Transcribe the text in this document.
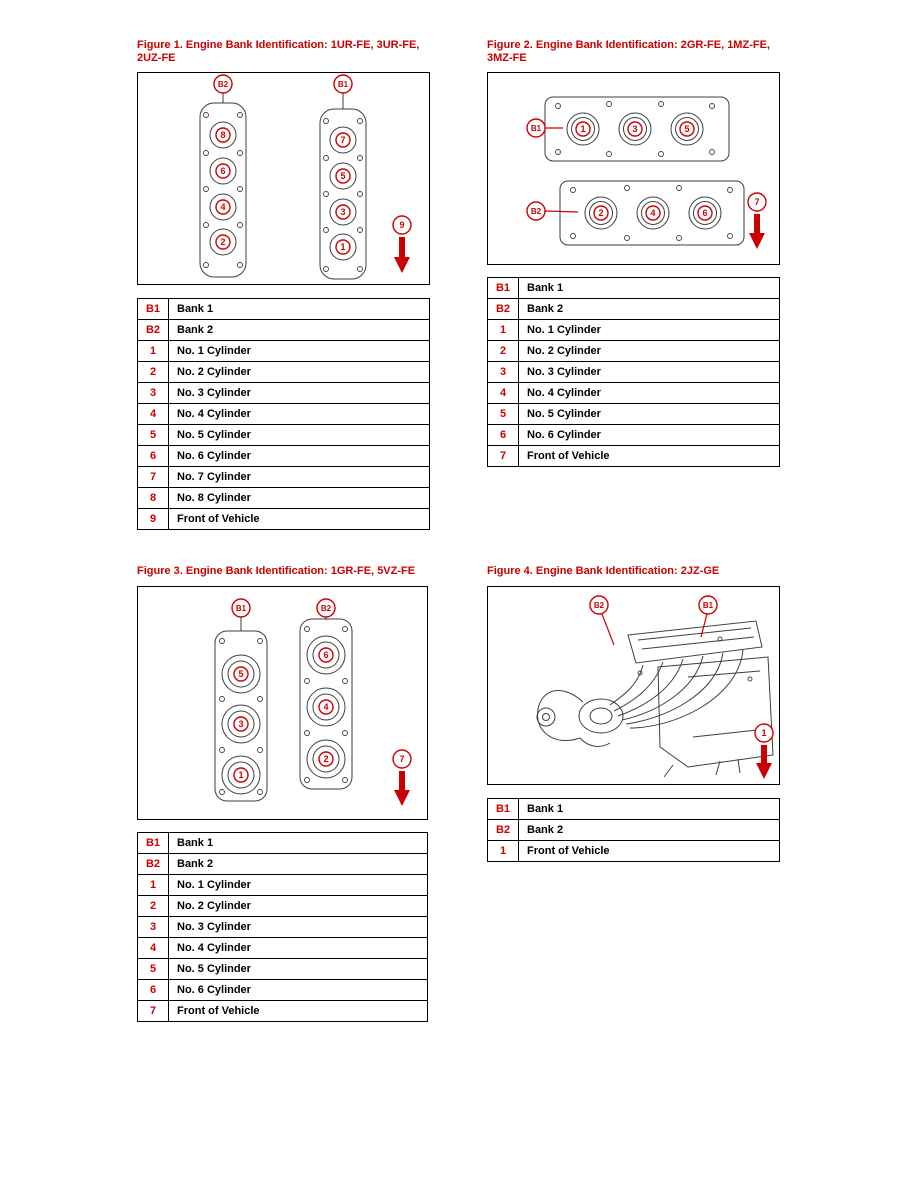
Figure 1. Engine Bank Identification: 1UR-FE, 3UR-FE, 2UZ-FE
B2	B1
8
6
4
2
7
5
3
1
9
B1	Bank 1
B2	Bank 2
1	No. 1 Cylinder
2	No. 2 Cylinder
3	No. 3 Cylinder
4	No. 4 Cylinder
5	No. 5 Cylinder
6	No. 6 Cylinder
7	No. 7 Cylinder
8	No. 8 Cylinder
9	Front of Vehicle
Figure 2. Engine Bank Identification: 2GR-FE, 1MZ-FE, 3MZ-FE
B1
B2
1	3	5
2	4	6
7
B1	Bank 1
B2	Bank 2
1	No. 1 Cylinder
2	No. 2 Cylinder
3	No. 3 Cylinder
4	No. 4 Cylinder
5	No. 5 Cylinder
6	No. 6 Cylinder
7	Front of Vehicle
Figure 3. Engine Bank Identification: 1GR-FE, 5VZ-FE
B1	B2
5
3
1
6
4
2	7
B1	Bank 1
B2	Bank 2
1	No. 1 Cylinder
2	No. 2 Cylinder
3	No. 3 Cylinder
4	No. 4 Cylinder
5	No. 5 Cylinder
6	No. 6 Cylinder
7	Front of Vehicle
Figure 4. Engine Bank Identification: 2JZ-GE
B2	B1
1
B1	Bank 1
B2	Bank 2
1	Front of Vehicle
